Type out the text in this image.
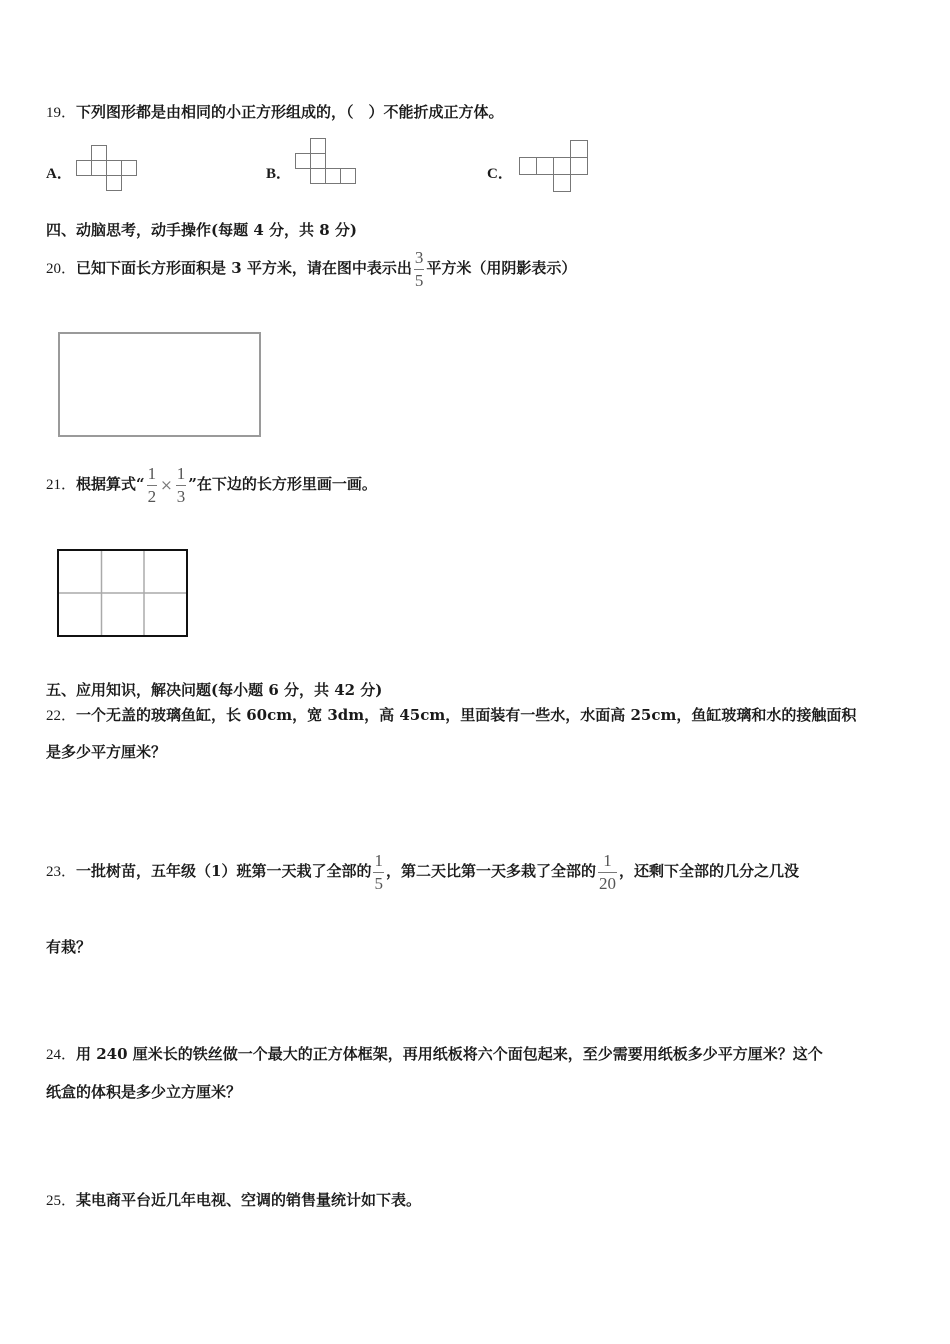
19．下列图形都是由相同的小正方形组成的，（　）不能折成正方体。
A．	B．	C．
四、动脑思考，动手操作(每题 4 分，共 8 分)
20．已知下面长方形面积是 3 平方米，请在图中表示出 $\frac{3}{5}$ 平方米（用阴影表示）
21．根据算式“ $\frac{1}{2} \times \frac{1}{3}$ ”在下边的长方形里画一画。
五、应用知识，解决问题(每小题 6 分，共 42 分)
22．一个无盖的玻璃鱼缸，长 60cm，宽 3dm，高 45cm，里面装有一些水，水面高 25cm，鱼缸玻璃和水的接触面积
是多少平方厘米？
23．一批树苗，五年级（1）班第一天栽了全部的 $\frac{1}{5}$ ，第二天比第一天多栽了全部的 $\frac{1}{20}$ ，还剩下全部的几分之几没
有栽？
24．用 240 厘米长的铁丝做一个最大的正方体框架，再用纸板将六个面包起来，至少需要用纸板多少平方厘米？这个
纸盒的体积是多少立方厘米？
25．某电商平台近几年电视、空调的销售量统计如下表。
